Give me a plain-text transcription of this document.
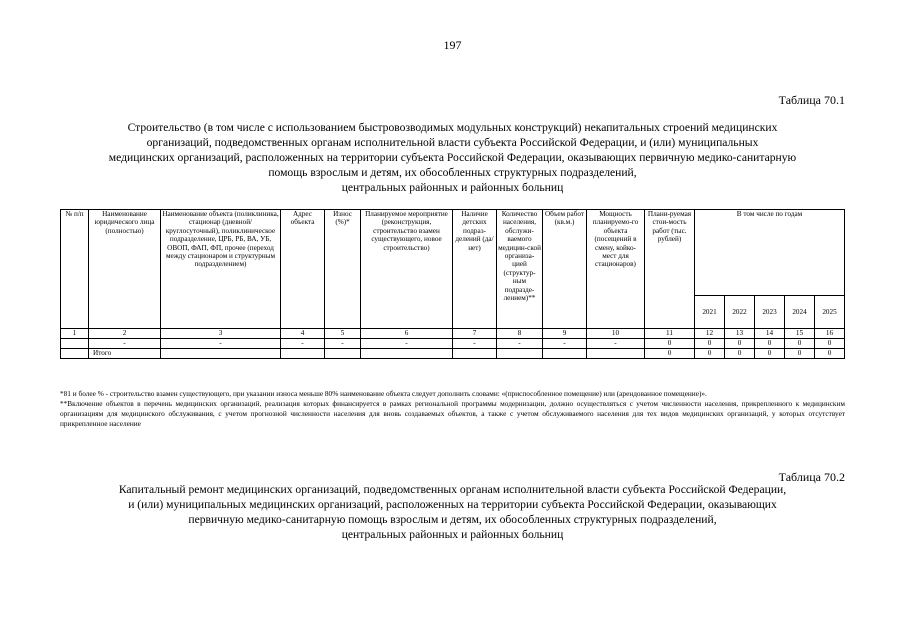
197
Таблица 70.1
Строительство (в том числе с использованием быстровозводимых модульных конструкций) некапитальных строений медицинских
организаций, подведомственных органам исполнительной власти субъекта Российской Федерации, и (или) муниципальных
медицинских организаций, расположенных на территории субъекта Российской Федерации, оказывающих первичную медико-санитарную
помощь взрослым и детям, их обособленных структурных подразделений,
центральных районных и районных больниц
№ п/п	Наименование юридического лица (полностью)	Наименование объекта (поликлиника, стационар (дневной/круглосуточный), поликлиническое подразделение, ЦРБ, РБ, ВА, УБ, ОВОП, ФАП, ФП, прочее (переход между стационаром и структурным подразделением)	Адрес объекта	Износ (%)*	Планируемое мероприятие (реконструкция, строительство взамен существующего, новое строительство)	Наличие детских подраз-делений (да/нет)	Количество населения, обслужи-ваемого медицин-ской организа-цией (структур-ным подразде-лением)**	Объем работ (кв.м.)	Мощность планируемо-го объекта (посещений в смену, койко-мест для стационаров)	Плани-руемая стои-мость работ (тыс. рублей)	В том числе по годам				
											2021	2022	2023	2024	2025
1	2	3	4	5	6	7	8	9	10	11	12	13	14	15	16
	-	-	-	-	-	-	-	-	-	0	0	0	0	0	0
	Итого									0	0	0	0	0	0

*81 и более % - строительство взамен существующего, при указании износа меньше 80% наименование объекта следует дополнить словами: «(приспособленное помещение) или (арендованное помещение)».

**Включение объектов в перечень медицинских организаций, реализация которых финансируется в рамках региональной программы модернизации, должно осуществляться с учетом численности населения, прикрепленного к медицинским организациям для медицинского обслуживания, с учетом прогнозной численности населения для вновь создаваемых объектов, а также с учетом обслуживаемого населения для тех видов медицинских организаций, у которых отсутствует прикрепленное население

Таблица 70.2
Капитальный ремонт медицинских организаций, подведомственных органам исполнительной власти субъекта Российской Федерации,
и (или) муниципальных медицинских организаций, расположенных на территории субъекта Российской Федерации, оказывающих
первичную медико-санитарную помощь взрослым и детям, их обособленных структурных подразделений,
центральных районных и районных больниц
